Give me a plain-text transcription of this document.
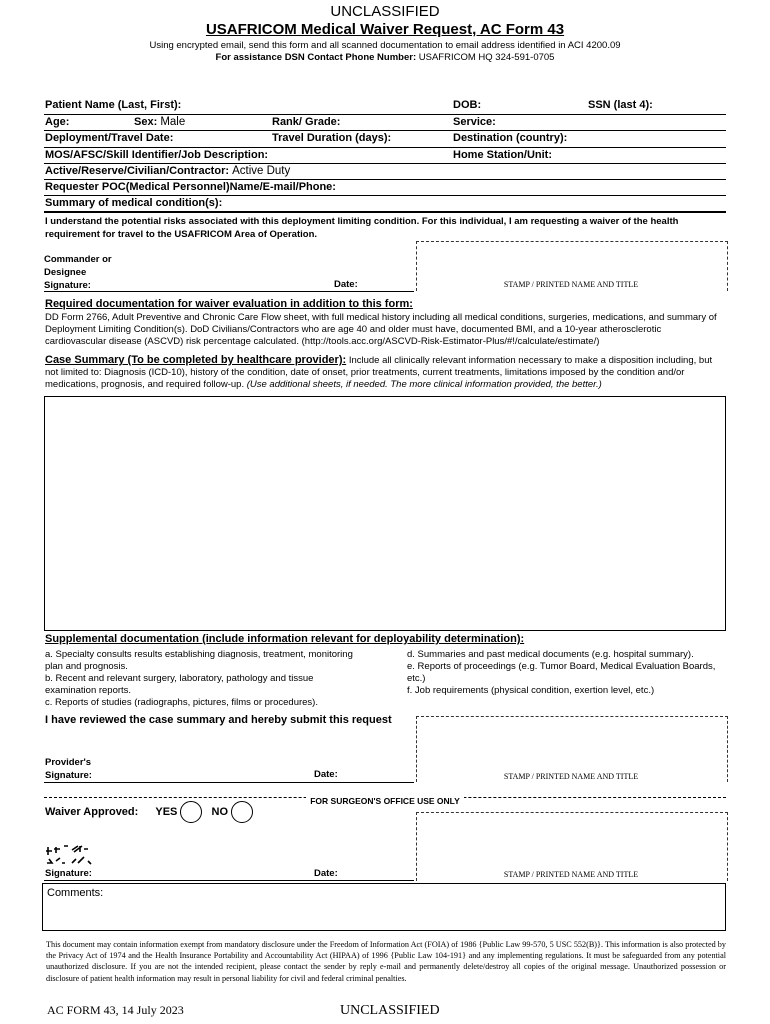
UNCLASSIFIED
USAFRICOM Medical Waiver Request, AC Form 43
Using encrypted email, send this form and all scanned documentation to email address identified in ACI 4200.09
For assistance DSN Contact Phone Number: USAFRICOM HQ 324-591-0705
Patient Name (Last, First):	DOB:	SSN (last 4):
Age:	Sex: Male	Rank/ Grade:	Service:
Deployment/Travel Date:	Travel Duration (days):	Destination (country):
MOS/AFSC/Skill Identifier/Job Description:	Home Station/Unit:
Active/Reserve/Civilian/Contractor: Active Duty
Requester POC(Medical Personnel)Name/E-mail/Phone:
Summary of medical condition(s):
I understand the potential risks associated with this deployment limiting condition. For this individual, I am requesting a waiver of the health requirement for travel to the USAFRICOM Area of Operation.
Commander or
Designee
Signature:	Date:	STAMP / PRINTED NAME AND TITLE
Required documentation for waiver evaluation in addition to this form:
DD Form 2766, Adult Preventive and Chronic Care Flow sheet, with full medical history including all medical conditions, surgeries, medications, and summary of Deployment Limiting Condition(s). DoD Civilians/Contractors who are age 40 and older must have, documented BMI, and a 10-year atherosclerotic cardiovascular disease (ASCVD) risk percentage calculated. (http://tools.acc.org/ASCVD-Risk-Estimator-Plus/#!/calculate/estimate/)
Case Summary (To be completed by healthcare provider): Include all clinically relevant information necessary to make a disposition including, but not limited to: Diagnosis (ICD-10), history of the condition, date of onset, prior treatments, current treatments, limitations imposed by the condition and/or medications, prognosis, and required follow-up. (Use additional sheets, if needed. The more clinical information provided, the better.)
Supplemental documentation (include information relevant for deployability determination):
a. Specialty consults results establishing diagnosis, treatment, monitoring plan and prognosis.
b. Recent and relevant surgery, laboratory, pathology and tissue examination reports.
c. Reports of studies (radiographs, pictures, films or procedures).
d. Summaries and past medical documents (e.g. hospital summary).
e. Reports of proceedings (e.g. Tumor Board, Medical Evaluation Boards, etc.)
f. Job requirements (physical condition, exertion level, etc.)
I have reviewed the case summary and hereby submit this request
Provider's
Signature:	Date:	STAMP / PRINTED NAME AND TITLE
FOR SURGEON'S OFFICE USE ONLY
Waiver Approved: YES	NO
Signature:	Date:	STAMP / PRINTED NAME AND TITLE
Comments:
This document may contain information exempt from mandatory disclosure under the Freedom of Information Act (FOIA) of 1986 {Public Law 99-570, 5 USC 552(B)}. This information is also protected by the Privacy Act of 1974 and the Health Insurance Portability and Accountability Act (HIPAA) of 1996 {Public Law 104-191} and any implementing regulations. It must be safeguarded from any potential unauthorized disclosure. If you are not the intended recipient, please contact the sender by reply e-mail and permanently delete/destroy all copies of the original message. Unauthorized possession or disclosure of patient health information may result in personal liability for civil and federal criminal penalties.
AC FORM 43, 14 July 2023	UNCLASSIFIED
